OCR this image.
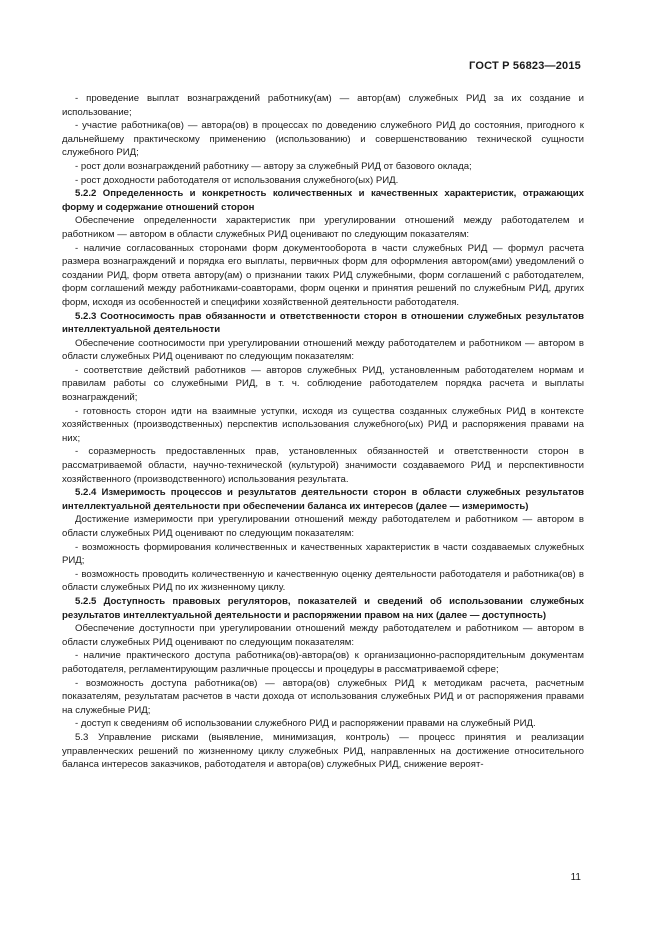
ГОСТ Р 56823—2015

- проведение выплат вознаграждений работнику(ам) — автор(ам) служебных РИД за их создание и использование;

- участие работника(ов) — автора(ов) в процессах по доведению служебного РИД до состояния, пригодного к дальнейшему практическому применению (использованию) и совершенствованию технической сущности служебного РИД;

- рост доли вознаграждений работнику — автору за служебный РИД от базового оклада;

- рост доходности работодателя от использования служебного(ых) РИД.

5.2.2 Определенность и конкретность количественных и качественных характеристик, отражающих форму и содержание отношений сторон

Обеспечение определенности характеристик при урегулировании отношений между работодателем и работником — автором в области служебных РИД оценивают по следующим показателям:

- наличие согласованных сторонами форм документооборота в части служебных РИД — формул расчета размера вознаграждений и порядка его выплаты, первичных форм для оформления автором(ами) уведомлений о создании РИД, форм ответа автору(ам) о признании таких РИД служебными, форм соглашений с работодателем, форм соглашений между работниками-соавторами, форм оценки и принятия решений по служебным РИД, других форм, исходя из особенностей и специфики хозяйственной деятельности работодателя.

5.2.3 Соотносимость прав обязанности и ответственности сторон в отношении служебных результатов интеллектуальной деятельности

Обеспечение соотносимости при урегулировании отношений между работодателем и работником — автором в области служебных РИД оценивают по следующим показателям:

- соответствие действий работников — авторов служебных РИД, установленным работодателем нормам и правилам работы со служебными РИД, в т. ч. соблюдение работодателем порядка расчета и выплаты вознаграждений;

- готовность сторон идти на взаимные уступки, исходя из существа созданных служебных РИД в контексте хозяйственных (производственных) перспектив использования служебного(ых) РИД и распоряжения правами на них;

- соразмерность предоставленных прав, установленных обязанностей и ответственности сторон в рассматриваемой области, научно-технической (культурой) значимости создаваемого РИД и перспективности хозяйственного (производственного) использования результата.

5.2.4 Измеримость процессов и результатов деятельности сторон в области служебных результатов интеллектуальной деятельности при обеспечении баланса их интересов (далее — измеримость)

Достижение измеримости при урегулировании отношений между работодателем и работником — автором в области служебных РИД оценивают по следующим показателям:

- возможность формирования количественных и качественных характеристик в части создаваемых служебных РИД;

- возможность проводить количественную и качественную оценку деятельности работодателя и работника(ов) в области служебных РИД по их жизненному циклу.

5.2.5 Доступность правовых регуляторов, показателей и сведений об использовании служебных результатов интеллектуальной деятельности и распоряжении правом на них (далее — доступность)

Обеспечение доступности при урегулировании отношений между работодателем и работником — автором в области служебных РИД оценивают по следующим показателям:

- наличие практического доступа работника(ов)-автора(ов) к организационно-распорядительным документам работодателя, регламентирующим различные процессы и процедуры в рассматриваемой сфере;

- возможность доступа работника(ов) — автора(ов) служебных РИД к методикам расчета, расчетным показателям, результатам расчетов в части дохода от использования служебных РИД и от распоряжения правами на служебные РИД;

- доступ к сведениям об использовании служебного РИД и распоряжении правами на служебный РИД.

5.3 Управление рисками (выявление, минимизация, контроль) — процесс принятия и реализации управленческих решений по жизненному циклу служебных РИД, направленных на достижение относительного баланса интересов заказчиков, работодателя и автора(ов) служебных РИД, снижение вероят-

11
